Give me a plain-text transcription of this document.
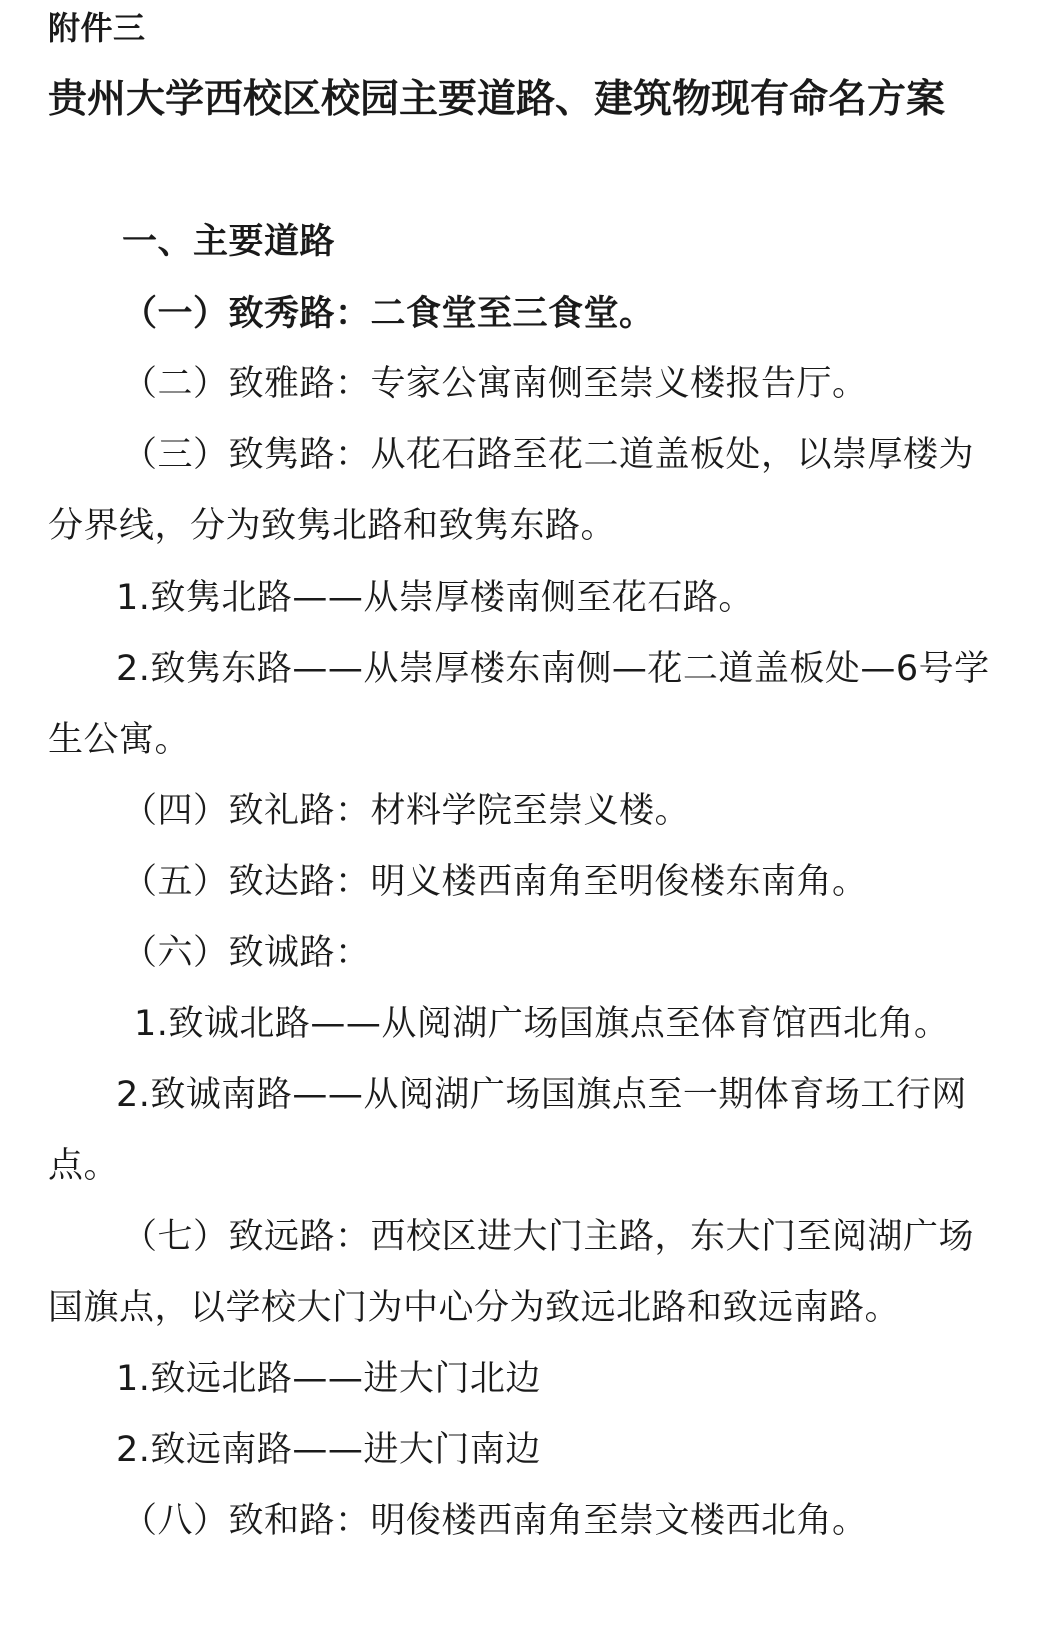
附件三
贵州大学西校区校园主要道路、建筑物现有命名方案
一、主要道路
（一）致秀路：二食堂至三食堂。
（二）致雅路：专家公寓南侧至崇义楼报告厅。
（三）致隽路：从花石路至花二道盖板处，以崇厚楼为
分界线，分为致隽北路和致隽东路。
1.致隽北路——从崇厚楼南侧至花石路。
2.致隽东路——从崇厚楼东南侧—花二道盖板处—6号学
生公寓。
（四）致礼路：材料学院至崇义楼。
（五）致达路：明义楼西南角至明俊楼东南角。
（六）致诚路：
1.致诚北路——从阅湖广场国旗点至体育馆西北角。
2.致诚南路——从阅湖广场国旗点至一期体育场工行网
点。
（七）致远路：西校区进大门主路，东大门至阅湖广场
国旗点，以学校大门为中心分为致远北路和致远南路。
1.致远北路——进大门北边
2.致远南路——进大门南边
（八）致和路：明俊楼西南角至崇文楼西北角。
